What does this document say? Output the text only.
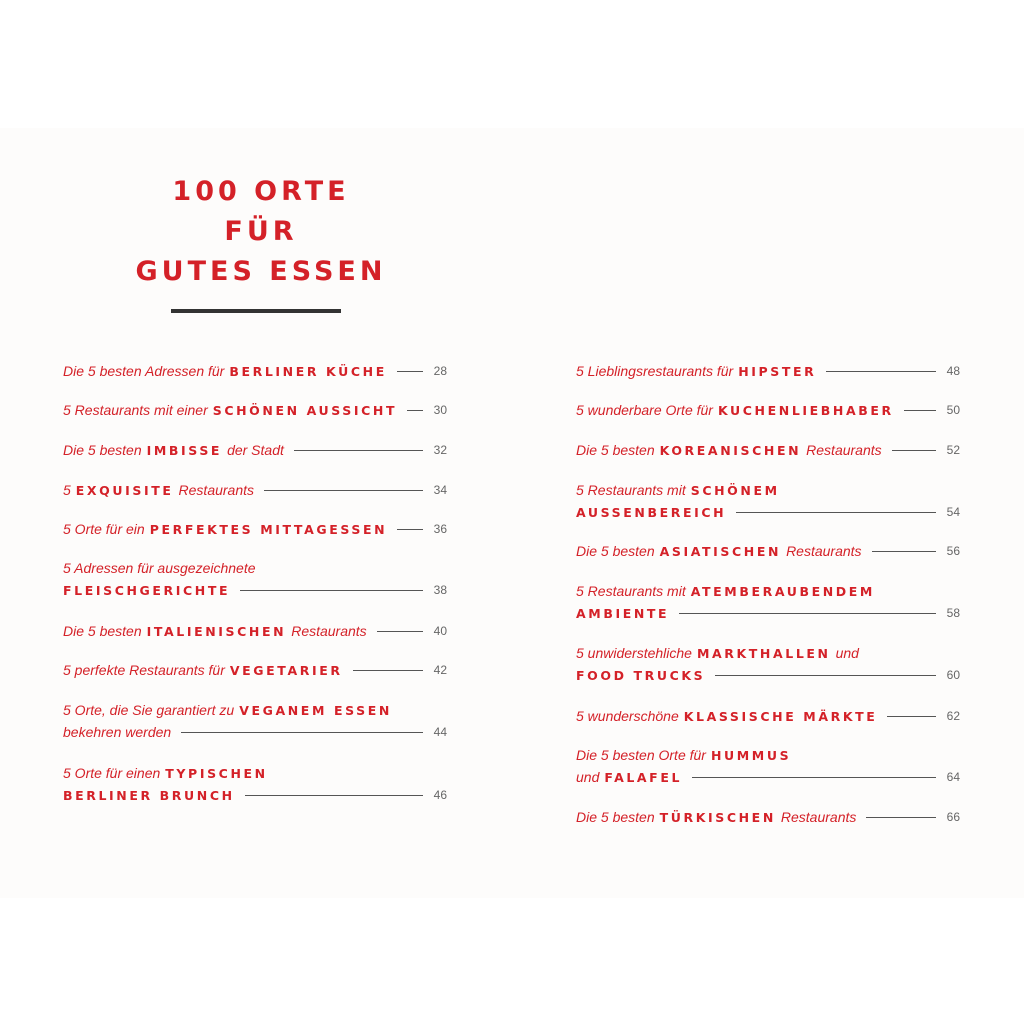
100 ORTE
FÜR
GUTES ESSEN
Die 5 besten Adressen für BERLINER KÜCHE	28
5 Restaurants mit einer SCHÖNEN AUSSICHT	30
Die 5 besten IMBISSE der Stadt	32
5 EXQUISITE Restaurants	34
5 Orte für ein PERFEKTES MITTAGESSEN	36
5 Adressen für ausgezeichnete
FLEISCHGERICHTE	38
Die 5 besten ITALIENISCHEN Restaurants	40
5 perfekte Restaurants für VEGETARIER	42
5 Orte, die Sie garantiert zu VEGANEM ESSEN
bekehren werden	44
5 Orte für einen TYPISCHEN
BERLINER BRUNCH	46
5 Lieblingsrestaurants für HIPSTER	48
5 wunderbare Orte für KUCHENLIEBHABER	50
Die 5 besten KOREANISCHEN Restaurants	52
5 Restaurants mit SCHÖNEM
AUSSENBEREICH	54
Die 5 besten ASIATISCHEN Restaurants	56
5 Restaurants mit ATEMBERAUBENDEM
AMBIENTE	58
5 unwiderstehliche MARKTHALLEN und
FOOD TRUCKS	60
5 wunderschöne KLASSISCHE MÄRKTE	62
Die 5 besten Orte für HUMMUS
und FALAFEL	64
Die 5 besten TÜRKISCHEN Restaurants	66
